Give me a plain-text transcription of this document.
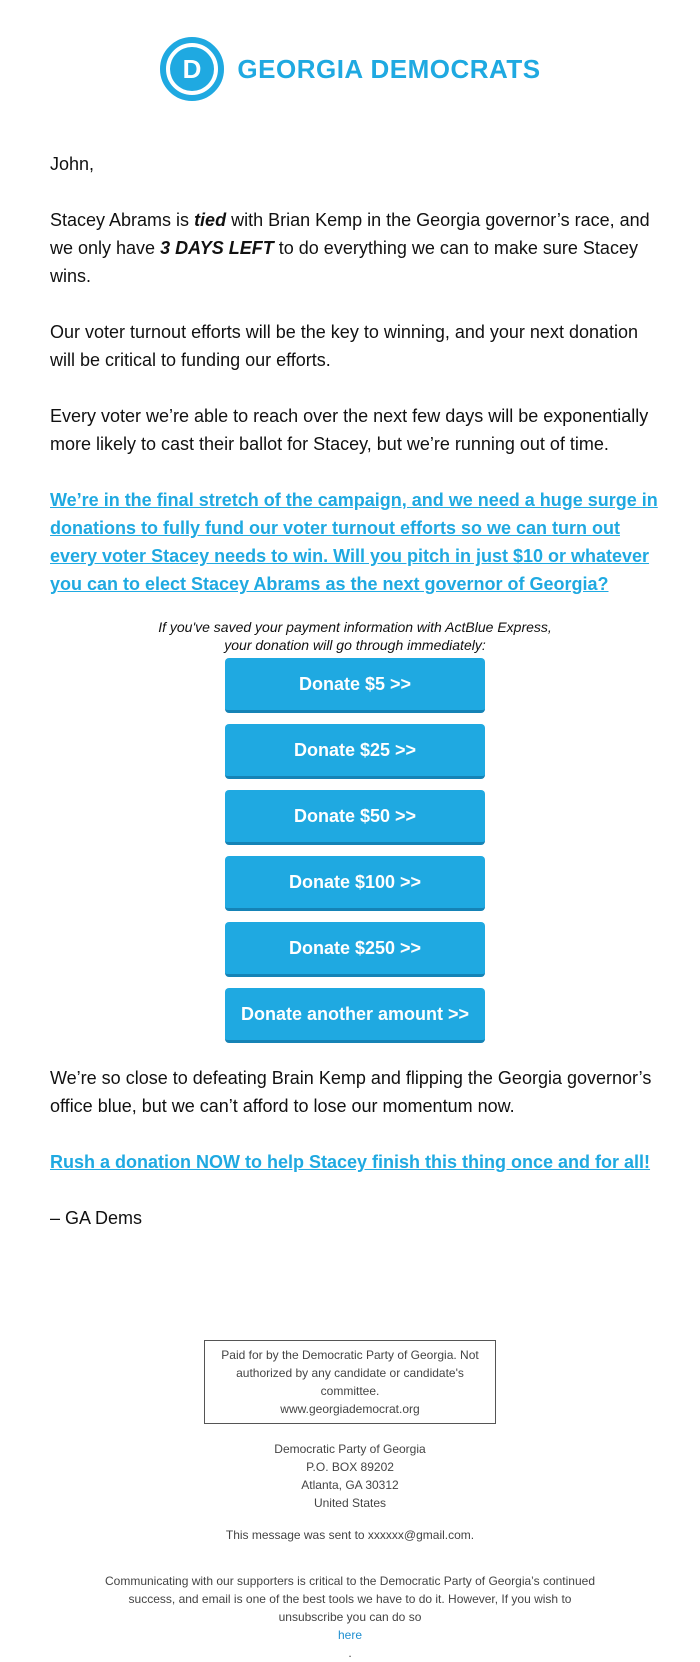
D GEORGIA DEMOCRATS

John,

Stacey Abrams is tied with Brian Kemp in the Georgia governor’s race, and we only have 3 DAYS LEFT to do everything we can to make sure Stacey wins.

Our voter turnout efforts will be the key to winning, and your next donation will be critical to funding our efforts.

Every voter we’re able to reach over the next few days will be exponentially more likely to cast their ballot for Stacey, but we’re running out of time.

We’re in the final stretch of the campaign, and we need a huge surge in donations to fully fund our voter turnout efforts so we can turn out every voter Stacey needs to win. Will you pitch in just $10 or whatever you can to elect Stacey Abrams as the next governor of Georgia?

If you've saved your payment information with ActBlue Express,
your donation will go through immediately:
Donate $5 >>
Donate $25 >>
Donate $50 >>
Donate $100 >>
Donate $250 >>
Donate another amount >>

We’re so close to defeating Brain Kemp and flipping the Georgia governor’s office blue, but we can’t afford to lose our momentum now.

Rush a donation NOW to help Stacey finish this thing once and for all!

– GA Dems

Paid for by the Democratic Party of Georgia. Not
authorized by any candidate or candidate's committee.
www.georgiademocrat.org
Democratic Party of Georgia
P.O. BOX 89202
Atlanta, GA 30312
United States
This message was sent to xxxxxx@gmail.com.
Communicating with our supporters is critical to the Democratic Party of Georgia’s continued
success, and email is one of the best tools we have to do it. However, If you wish to
unsubscribe you can do so
here
.
